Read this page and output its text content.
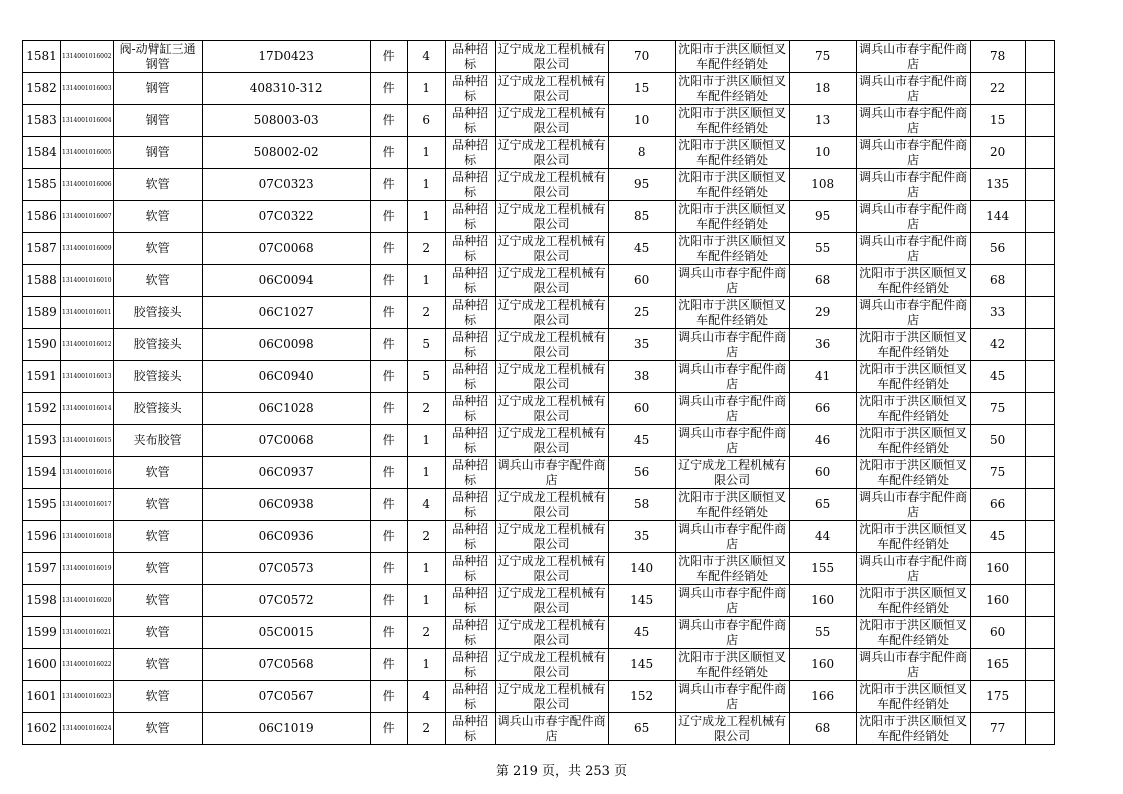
1581	1314001016002	阀-动臂缸三通钢管	17D0423	件	4	品种招标	辽宁成龙工程机械有限公司	70	沈阳市于洪区顺恒叉车配件经销处	75	调兵山市春宇配件商店	78	
1582	1314001016003	钢管	408310-312	件	1	品种招标	辽宁成龙工程机械有限公司	15	沈阳市于洪区顺恒叉车配件经销处	18	调兵山市春宇配件商店	22	
1583	1314001016004	钢管	508003-03	件	6	品种招标	辽宁成龙工程机械有限公司	10	沈阳市于洪区顺恒叉车配件经销处	13	调兵山市春宇配件商店	15	
1584	1314001016005	钢管	508002-02	件	1	品种招标	辽宁成龙工程机械有限公司	8	沈阳市于洪区顺恒叉车配件经销处	10	调兵山市春宇配件商店	20	
1585	1314001016006	软管	07C0323	件	1	品种招标	辽宁成龙工程机械有限公司	95	沈阳市于洪区顺恒叉车配件经销处	108	调兵山市春宇配件商店	135	
1586	1314001016007	软管	07C0322	件	1	品种招标	辽宁成龙工程机械有限公司	85	沈阳市于洪区顺恒叉车配件经销处	95	调兵山市春宇配件商店	144	
1587	1314001016009	软管	07C0068	件	2	品种招标	辽宁成龙工程机械有限公司	45	沈阳市于洪区顺恒叉车配件经销处	55	调兵山市春宇配件商店	56	
1588	1314001016010	软管	06C0094	件	1	品种招标	辽宁成龙工程机械有限公司	60	调兵山市春宇配件商店	68	沈阳市于洪区顺恒叉车配件经销处	68	
1589	1314001016011	胶管接头	06C1027	件	2	品种招标	辽宁成龙工程机械有限公司	25	沈阳市于洪区顺恒叉车配件经销处	29	调兵山市春宇配件商店	33	
1590	1314001016012	胶管接头	06C0098	件	5	品种招标	辽宁成龙工程机械有限公司	35	调兵山市春宇配件商店	36	沈阳市于洪区顺恒叉车配件经销处	42	
1591	1314001016013	胶管接头	06C0940	件	5	品种招标	辽宁成龙工程机械有限公司	38	调兵山市春宇配件商店	41	沈阳市于洪区顺恒叉车配件经销处	45	
1592	1314001016014	胶管接头	06C1028	件	2	品种招标	辽宁成龙工程机械有限公司	60	调兵山市春宇配件商店	66	沈阳市于洪区顺恒叉车配件经销处	75	
1593	1314001016015	夹布胶管	07C0068	件	1	品种招标	辽宁成龙工程机械有限公司	45	调兵山市春宇配件商店	46	沈阳市于洪区顺恒叉车配件经销处	50	
1594	1314001016016	软管	06C0937	件	1	品种招标	调兵山市春宇配件商店	56	辽宁成龙工程机械有限公司	60	沈阳市于洪区顺恒叉车配件经销处	75	
1595	1314001016017	软管	06C0938	件	4	品种招标	辽宁成龙工程机械有限公司	58	沈阳市于洪区顺恒叉车配件经销处	65	调兵山市春宇配件商店	66	
1596	1314001016018	软管	06C0936	件	2	品种招标	辽宁成龙工程机械有限公司	35	调兵山市春宇配件商店	44	沈阳市于洪区顺恒叉车配件经销处	45	
1597	1314001016019	软管	07C0573	件	1	品种招标	辽宁成龙工程机械有限公司	140	沈阳市于洪区顺恒叉车配件经销处	155	调兵山市春宇配件商店	160	
1598	1314001016020	软管	07C0572	件	1	品种招标	辽宁成龙工程机械有限公司	145	调兵山市春宇配件商店	160	沈阳市于洪区顺恒叉车配件经销处	160	
1599	1314001016021	软管	05C0015	件	2	品种招标	辽宁成龙工程机械有限公司	45	调兵山市春宇配件商店	55	沈阳市于洪区顺恒叉车配件经销处	60	
1600	1314001016022	软管	07C0568	件	1	品种招标	辽宁成龙工程机械有限公司	145	沈阳市于洪区顺恒叉车配件经销处	160	调兵山市春宇配件商店	165	
1601	1314001016023	软管	07C0567	件	4	品种招标	辽宁成龙工程机械有限公司	152	调兵山市春宇配件商店	166	沈阳市于洪区顺恒叉车配件经销处	175	
1602	1314001016024	软管	06C1019	件	2	品种招标	调兵山市春宇配件商店	65	辽宁成龙工程机械有限公司	68	沈阳市于洪区顺恒叉车配件经销处	77	
第 219 页，共 253 页
